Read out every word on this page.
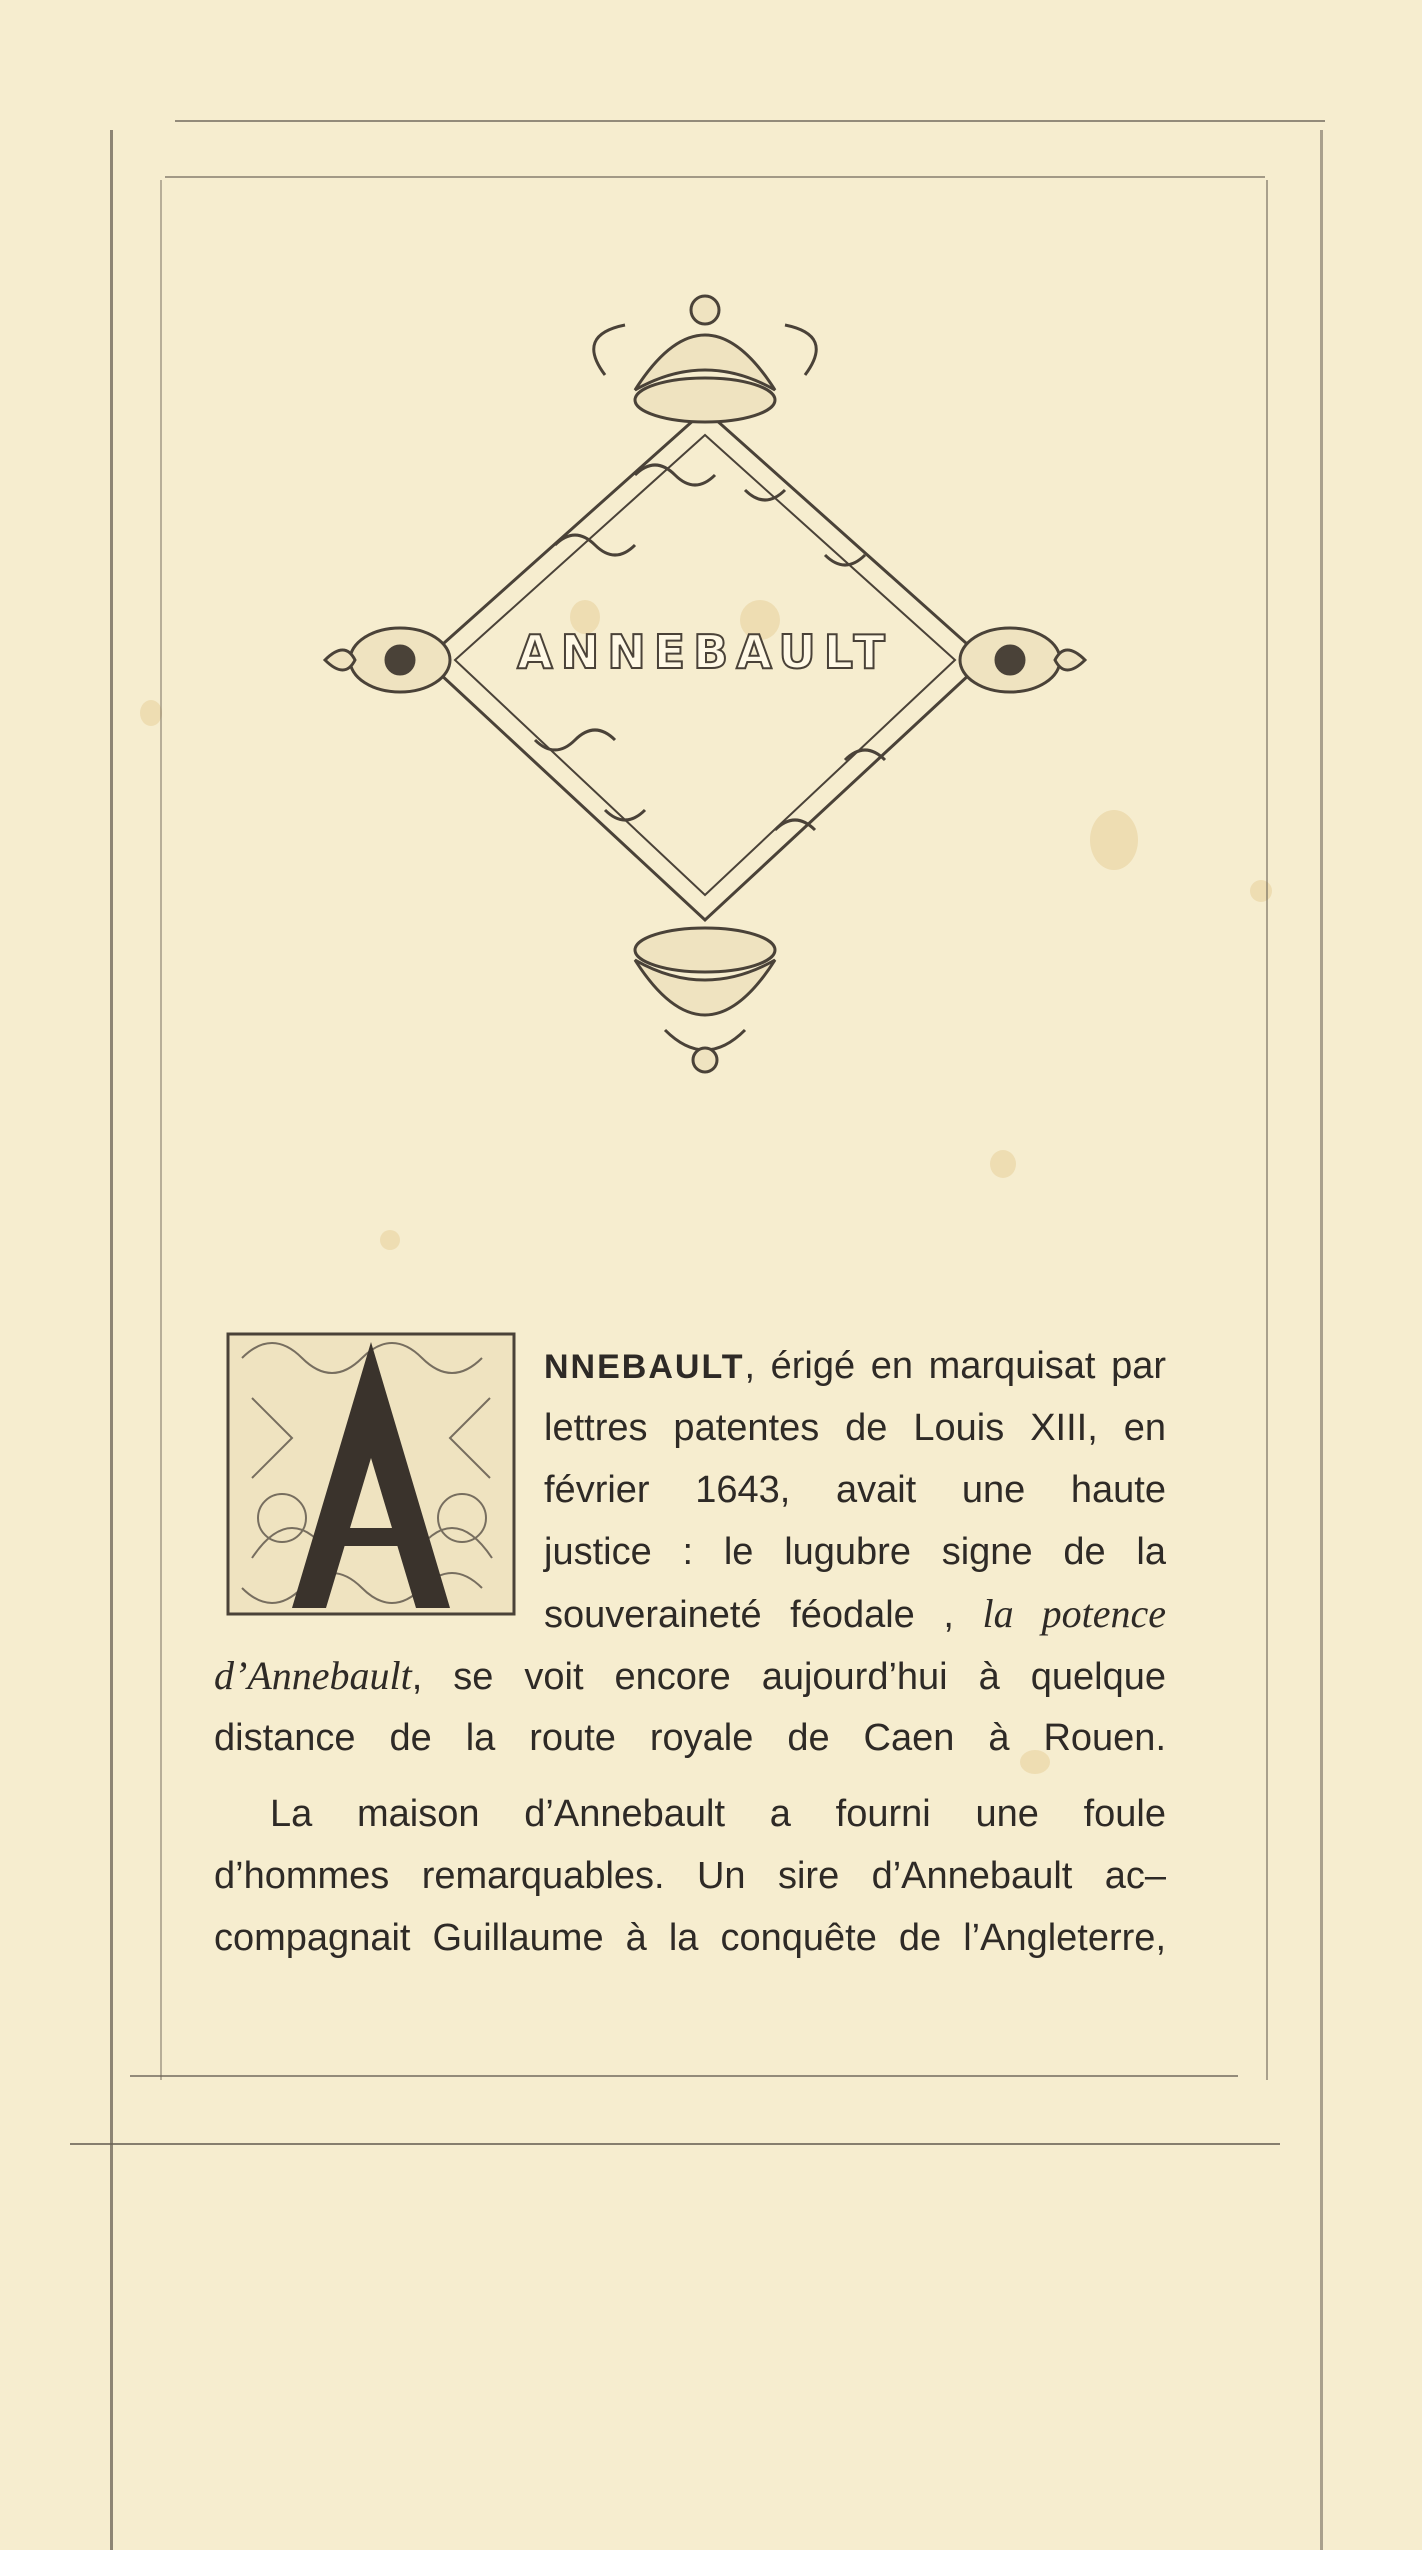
ANNEBAULT
A
NNEBAULT, érigé en marquisat par
lettres patentes de Louis XIII, en
février 1643, avait une haute
justice : le lugubre signe de la
souveraineté féodale , la potence
d’Annebault, se voit encore aujourd’hui à quelque
distance de la route royale de Caen à Rouen.
La maison d’Annebault a fourni une foule
d’hommes remarquables. Un sire d’Annebault ac–
compagnait Guillaume à la conquête de l’Angleterre,
